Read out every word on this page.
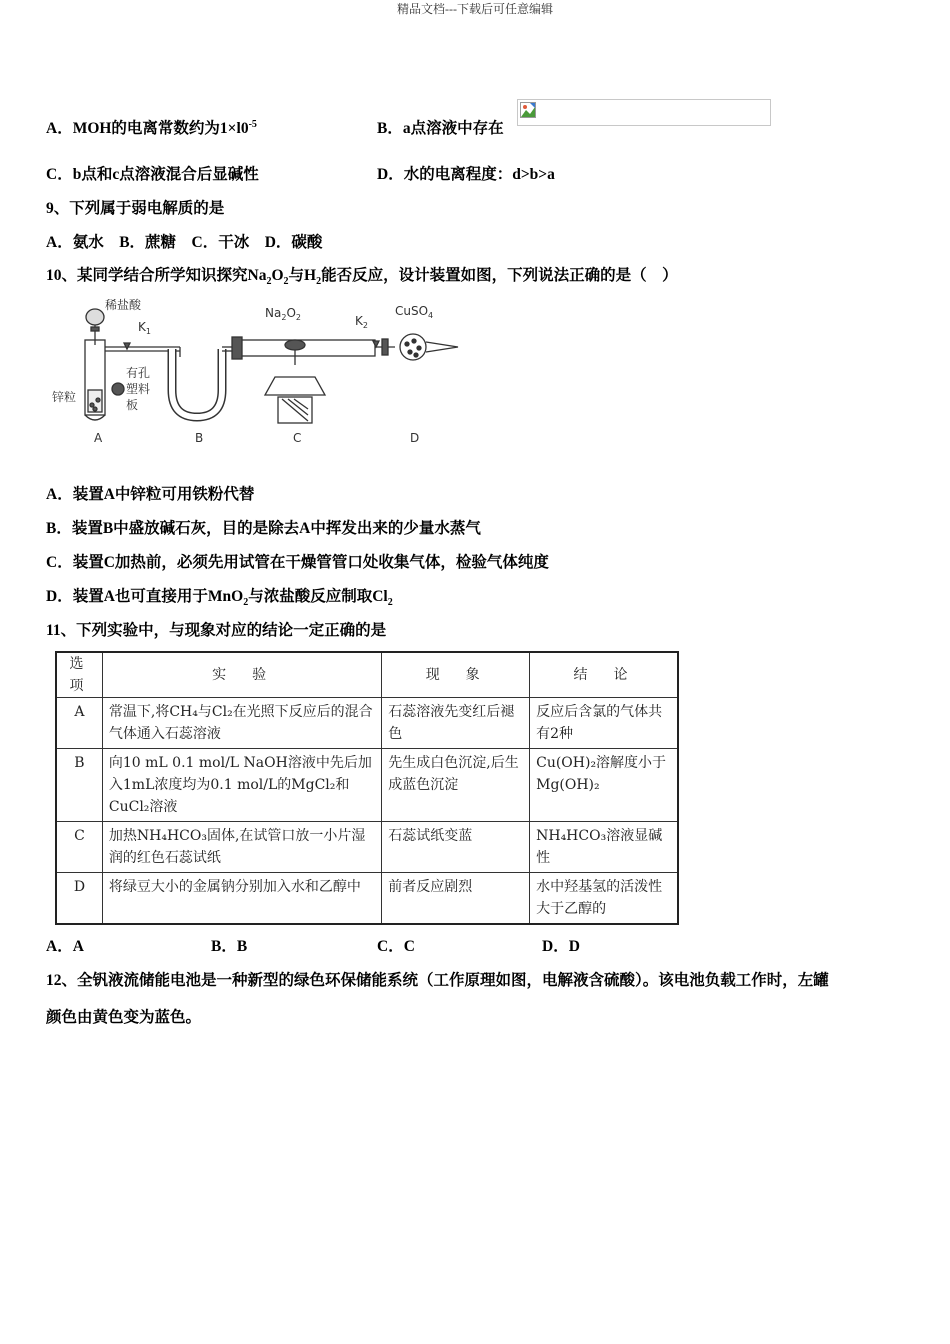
精品文档---下载后可任意编辑
A．MOH的电离常数约为$1\times l0^{-5}$	B．a点溶液中存在
C．b点和c点溶液混合后显碱性	D．水的电离程度：d>b>a
9、下列属于弱电解质的是
A．氨水　B．蔗糖　C．干冰　D．碳酸
10、某同学结合所学知识探究$Na_2O_2$与$H_2$能否反应，设计装置如图，下列说法正确的是（　）
稀盐酸
$K_1$
锌粒
有孔
塑料
板
$Na_2O_2$	$K_2$
CuSO$_4$
A	B	C	D
A．装置A中锌粒可用铁粉代替
B．装置B中盛放碱石灰，目的是除去A中挥发出来的少量水蒸气
C．装置C加热前，必须先用试管在干燥管管口处收集气体，检验气体纯度
D．装置A也可直接用于MnO$_2$与浓盐酸反应制取$Cl_2$
11、下列实验中，与现象对应的结论一定正确的是
选项	实　验	现　象	结　论
A	常温下,将CH₄与Cl₂在光照下反应后的混合气体通入石蕊溶液	石蕊溶液先变红后褪色	反应后含氯的气体共有2种
B	向10 mL 0.1 mol/L NaOH溶液中先后加入1mL浓度均为0.1 mol/L的MgCl₂和CuCl₂溶液	先生成白色沉淀,后生成蓝色沉淀	Cu(OH)₂溶解度小于Mg(OH)₂
C	加热NH₄HCO₃固体,在试管口放一小片湿润的红色石蕊试纸	石蕊试纸变蓝	NH₄HCO₃溶液显碱性
D	将绿豆大小的金属钠分别加入水和乙醇中	前者反应剧烈	水中羟基氢的活泼性大于乙醇的
A．A	B．B	C．C	D．D
12、全钒液流储能电池是一种新型的绿色环保储能系统（工作原理如图，电解液含硫酸）。该电池负载工作时，左罐
颜色由黄色变为蓝色。
